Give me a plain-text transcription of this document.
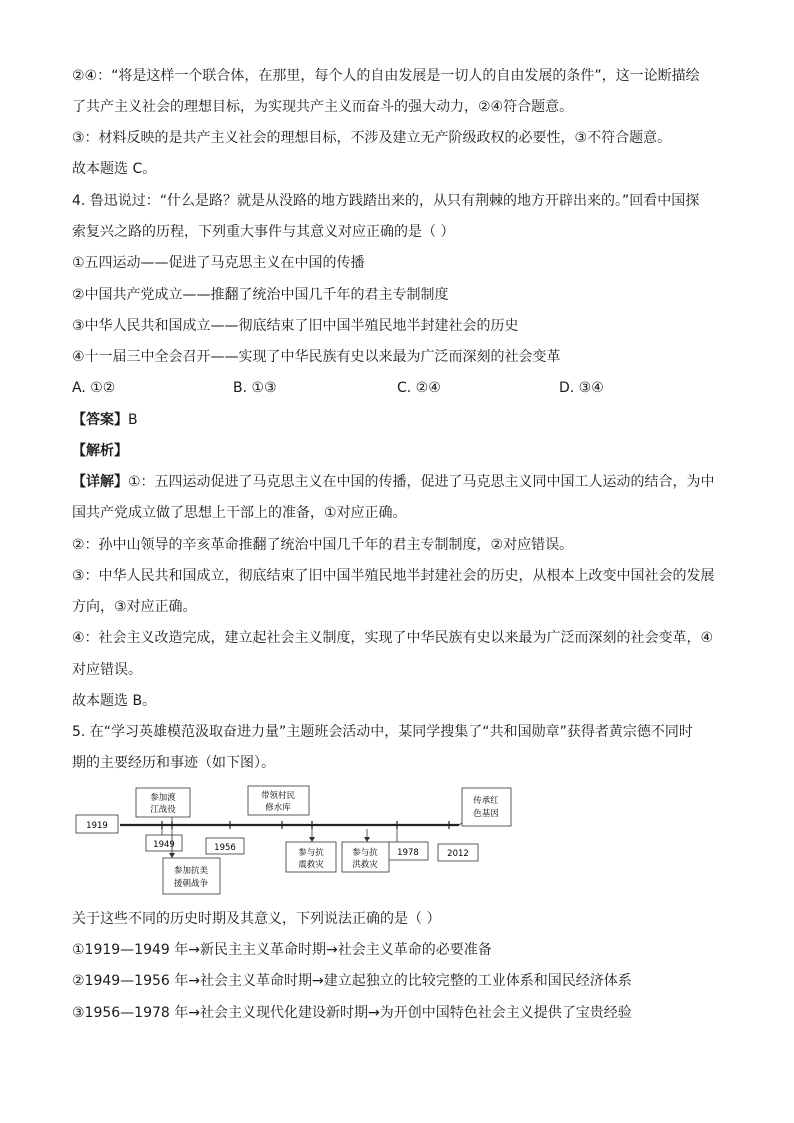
②④：“将是这样一个联合体，在那里，每个人的自由发展是一切人的自由发展的条件”，这一论断描绘
了共产主义社会的理想目标，为实现共产主义而奋斗的强大动力，②④符合题意。
③：材料反映的是共产主义社会的理想目标，不涉及建立无产阶级政权的必要性，③不符合题意。
故本题选 C。
4. 鲁迅说过：“什么是路？就是从没路的地方践踏出来的，从只有荆棘的地方开辟出来的。”回看中国探
索复兴之路的历程，下列重大事件与其意义对应正确的是（ ）
①五四运动——促进了马克思主义在中国的传播
②中国共产党成立——推翻了统治中国几千年的君主专制制度
③中华人民共和国成立——彻底结束了旧中国半殖民地半封建社会的历史
④十一届三中全会召开——实现了中华民族有史以来最为广泛而深刻的社会变革
A. ①②	B. ①③	C. ②④	D. ③④
【答案】B
【解析】
【详解】①：五四运动促进了马克思主义在中国的传播，促进了马克思主义同中国工人运动的结合，为中
国共产党成立做了思想上干部上的准备，①对应正确。
②：孙中山领导的辛亥革命推翻了统治中国几千年的君主专制制度，②对应错误。
③：中华人民共和国成立，彻底结束了旧中国半殖民地半封建社会的历史，从根本上改变中国社会的发展
方向，③对应正确。
④：社会主义改造完成，建立起社会主义制度，实现了中华民族有史以来最为广泛而深刻的社会变革，④
对应错误。
故本题选 B。
5. 在“学习英雄模范汲取奋进力量”主题班会活动中，某同学搜集了“共和国勋章”获得者黄宗德不同时
期的主要经历和事迹（如下图）。
1919
1949	1956	1978	2012
参加渡
江战役
带领村民
修水库
传承红
色基因
参加抗美
援朝战争
参与抗
震救灾
参与抗
洪救灾
关于这些不同的历史时期及其意义，下列说法正确的是（ ）
①1919—1949 年→新民主主义革命时期→社会主义革命的必要准备
②1949—1956 年→社会主义革命时期→建立起独立的比较完整的工业体系和国民经济体系
③1956—1978 年→社会主义现代化建设新时期→为开创中国特色社会主义提供了宝贵经验
